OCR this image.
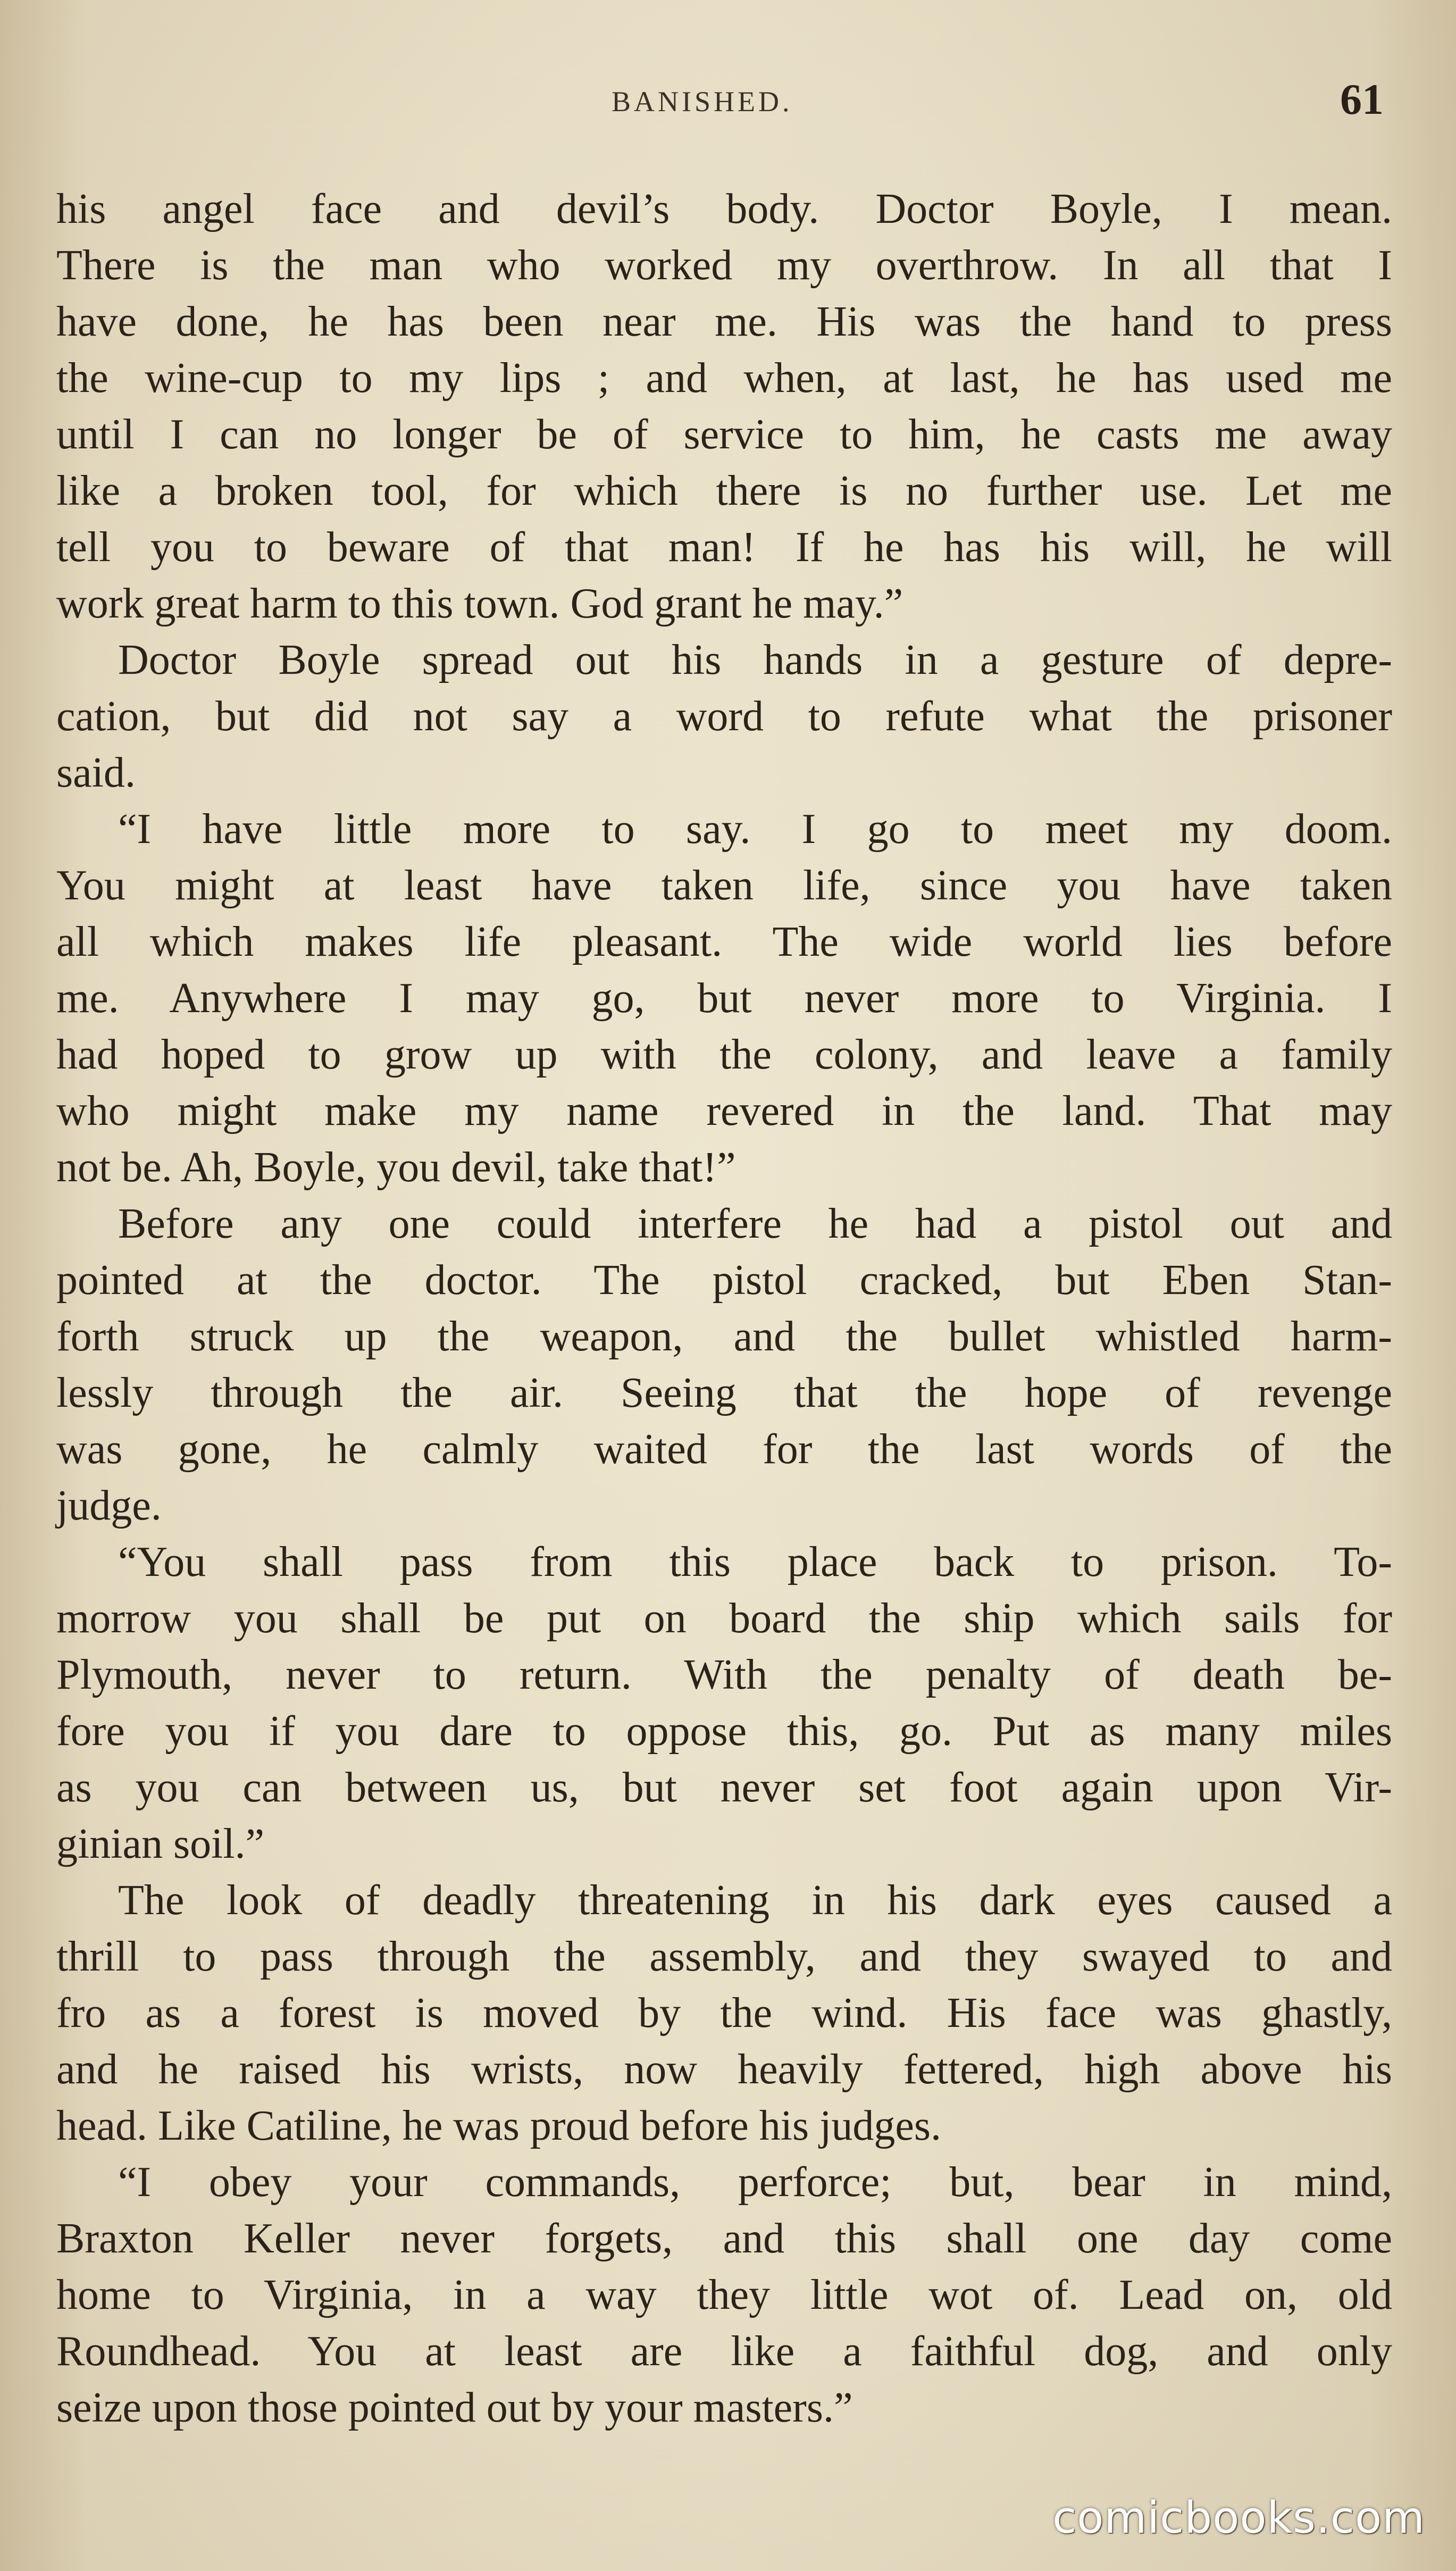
BANISHED.	61
his angel face and devil’s body. Doctor Boyle, I mean.
There is the man who worked my overthrow. In all that I
have done, he has been near me. His was the hand to press
the wine-cup to my lips ; and when, at last, he has used me
until I can no longer be of service to him, he casts me away
like a broken tool, for which there is no further use. Let me
tell you to beware of that man! If he has his will, he will
work great harm to this town. God grant he may.”
Doctor Boyle spread out his hands in a gesture of depre-
cation, but did not say a word to refute what the prisoner
said.
“I have little more to say. I go to meet my doom.
You might at least have taken life, since you have taken
all which makes life pleasant. The wide world lies before
me. Anywhere I may go, but never more to Virginia. I
had hoped to grow up with the colony, and leave a family
who might make my name revered in the land. That may
not be. Ah, Boyle, you devil, take that!”
Before any one could interfere he had a pistol out and
pointed at the doctor. The pistol cracked, but Eben Stan-
forth struck up the weapon, and the bullet whistled harm-
lessly through the air. Seeing that the hope of revenge
was gone, he calmly waited for the last words of the
judge.
“You shall pass from this place back to prison. To-
morrow you shall be put on board the ship which sails for
Plymouth, never to return. With the penalty of death be-
fore you if you dare to oppose this, go. Put as many miles
as you can between us, but never set foot again upon Vir-
ginian soil.”
The look of deadly threatening in his dark eyes caused a
thrill to pass through the assembly, and they swayed to and
fro as a forest is moved by the wind. His face was ghastly,
and he raised his wrists, now heavily fettered, high above his
head. Like Catiline, he was proud before his judges.
“I obey your commands, perforce; but, bear in mind,
Braxton Keller never forgets, and this shall one day come
home to Virginia, in a way they little wot of. Lead on, old
Roundhead. You at least are like a faithful dog, and only
seize upon those pointed out by your masters.”
comicbooks.com
